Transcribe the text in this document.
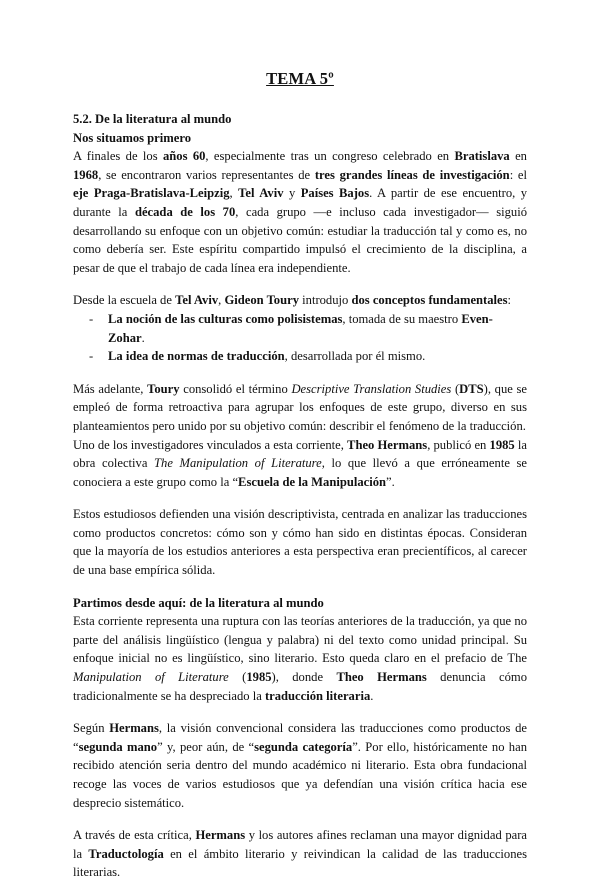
TEMA 5º

5.2. De la literatura al mundo

Nos situamos primero

A finales de los años 60, especialmente tras un congreso celebrado en Bratislava en 1968, se encontraron varios representantes de tres grandes líneas de investigación: el eje Praga-Bratislava-Leipzig, Tel Aviv y Países Bajos. A partir de ese encuentro, y durante la década de los 70, cada grupo —e incluso cada investigador— siguió desarrollando su enfoque con un objetivo común: estudiar la traducción tal y como es, no como debería ser. Este espíritu compartido impulsó el crecimiento de la disciplina, a pesar de que el trabajo de cada línea era independiente.

Desde la escuela de Tel Aviv, Gideon Toury introdujo dos conceptos fundamentales:

- La noción de las culturas como polisistemas, tomada de su maestro Even-Zohar.
- La idea de normas de traducción, desarrollada por él mismo.

Más adelante, Toury consolidó el término Descriptive Translation Studies (DTS), que se empleó de forma retroactiva para agrupar los enfoques de este grupo, diverso en sus planteamientos pero unido por su objetivo común: describir el fenómeno de la traducción.

Uno de los investigadores vinculados a esta corriente, Theo Hermans, publicó en 1985 la obra colectiva The Manipulation of Literature, lo que llevó a que erróneamente se conociera a este grupo como la “Escuela de la Manipulación”.

Estos estudiosos defienden una visión descriptivista, centrada en analizar las traducciones como productos concretos: cómo son y cómo han sido en distintas épocas. Consideran que la mayoría de los estudios anteriores a esta perspectiva eran precientíficos, al carecer de una base empírica sólida.

Partimos desde aquí: de la literatura al mundo

Esta corriente representa una ruptura con las teorías anteriores de la traducción, ya que no parte del análisis lingüístico (lengua y palabra) ni del texto como unidad principal. Su enfoque inicial no es lingüístico, sino literario. Esto queda claro en el prefacio de The Manipulation of Literature (1985), donde Theo Hermans denuncia cómo tradicionalmente se ha despreciado la traducción literaria.

Según Hermans, la visión convencional considera las traducciones como productos de “segunda mano” y, peor aún, de “segunda categoría”. Por ello, históricamente no han recibido atención seria dentro del mundo académico ni literario. Esta obra fundacional recoge las voces de varios estudiosos que ya defendían una visión crítica hacia ese desprecio sistemático.

A través de esta crítica, Hermans y los autores afines reclaman una mayor dignidad para la Traductología en el ámbito literario y reivindican la calidad de las traducciones literarias.
